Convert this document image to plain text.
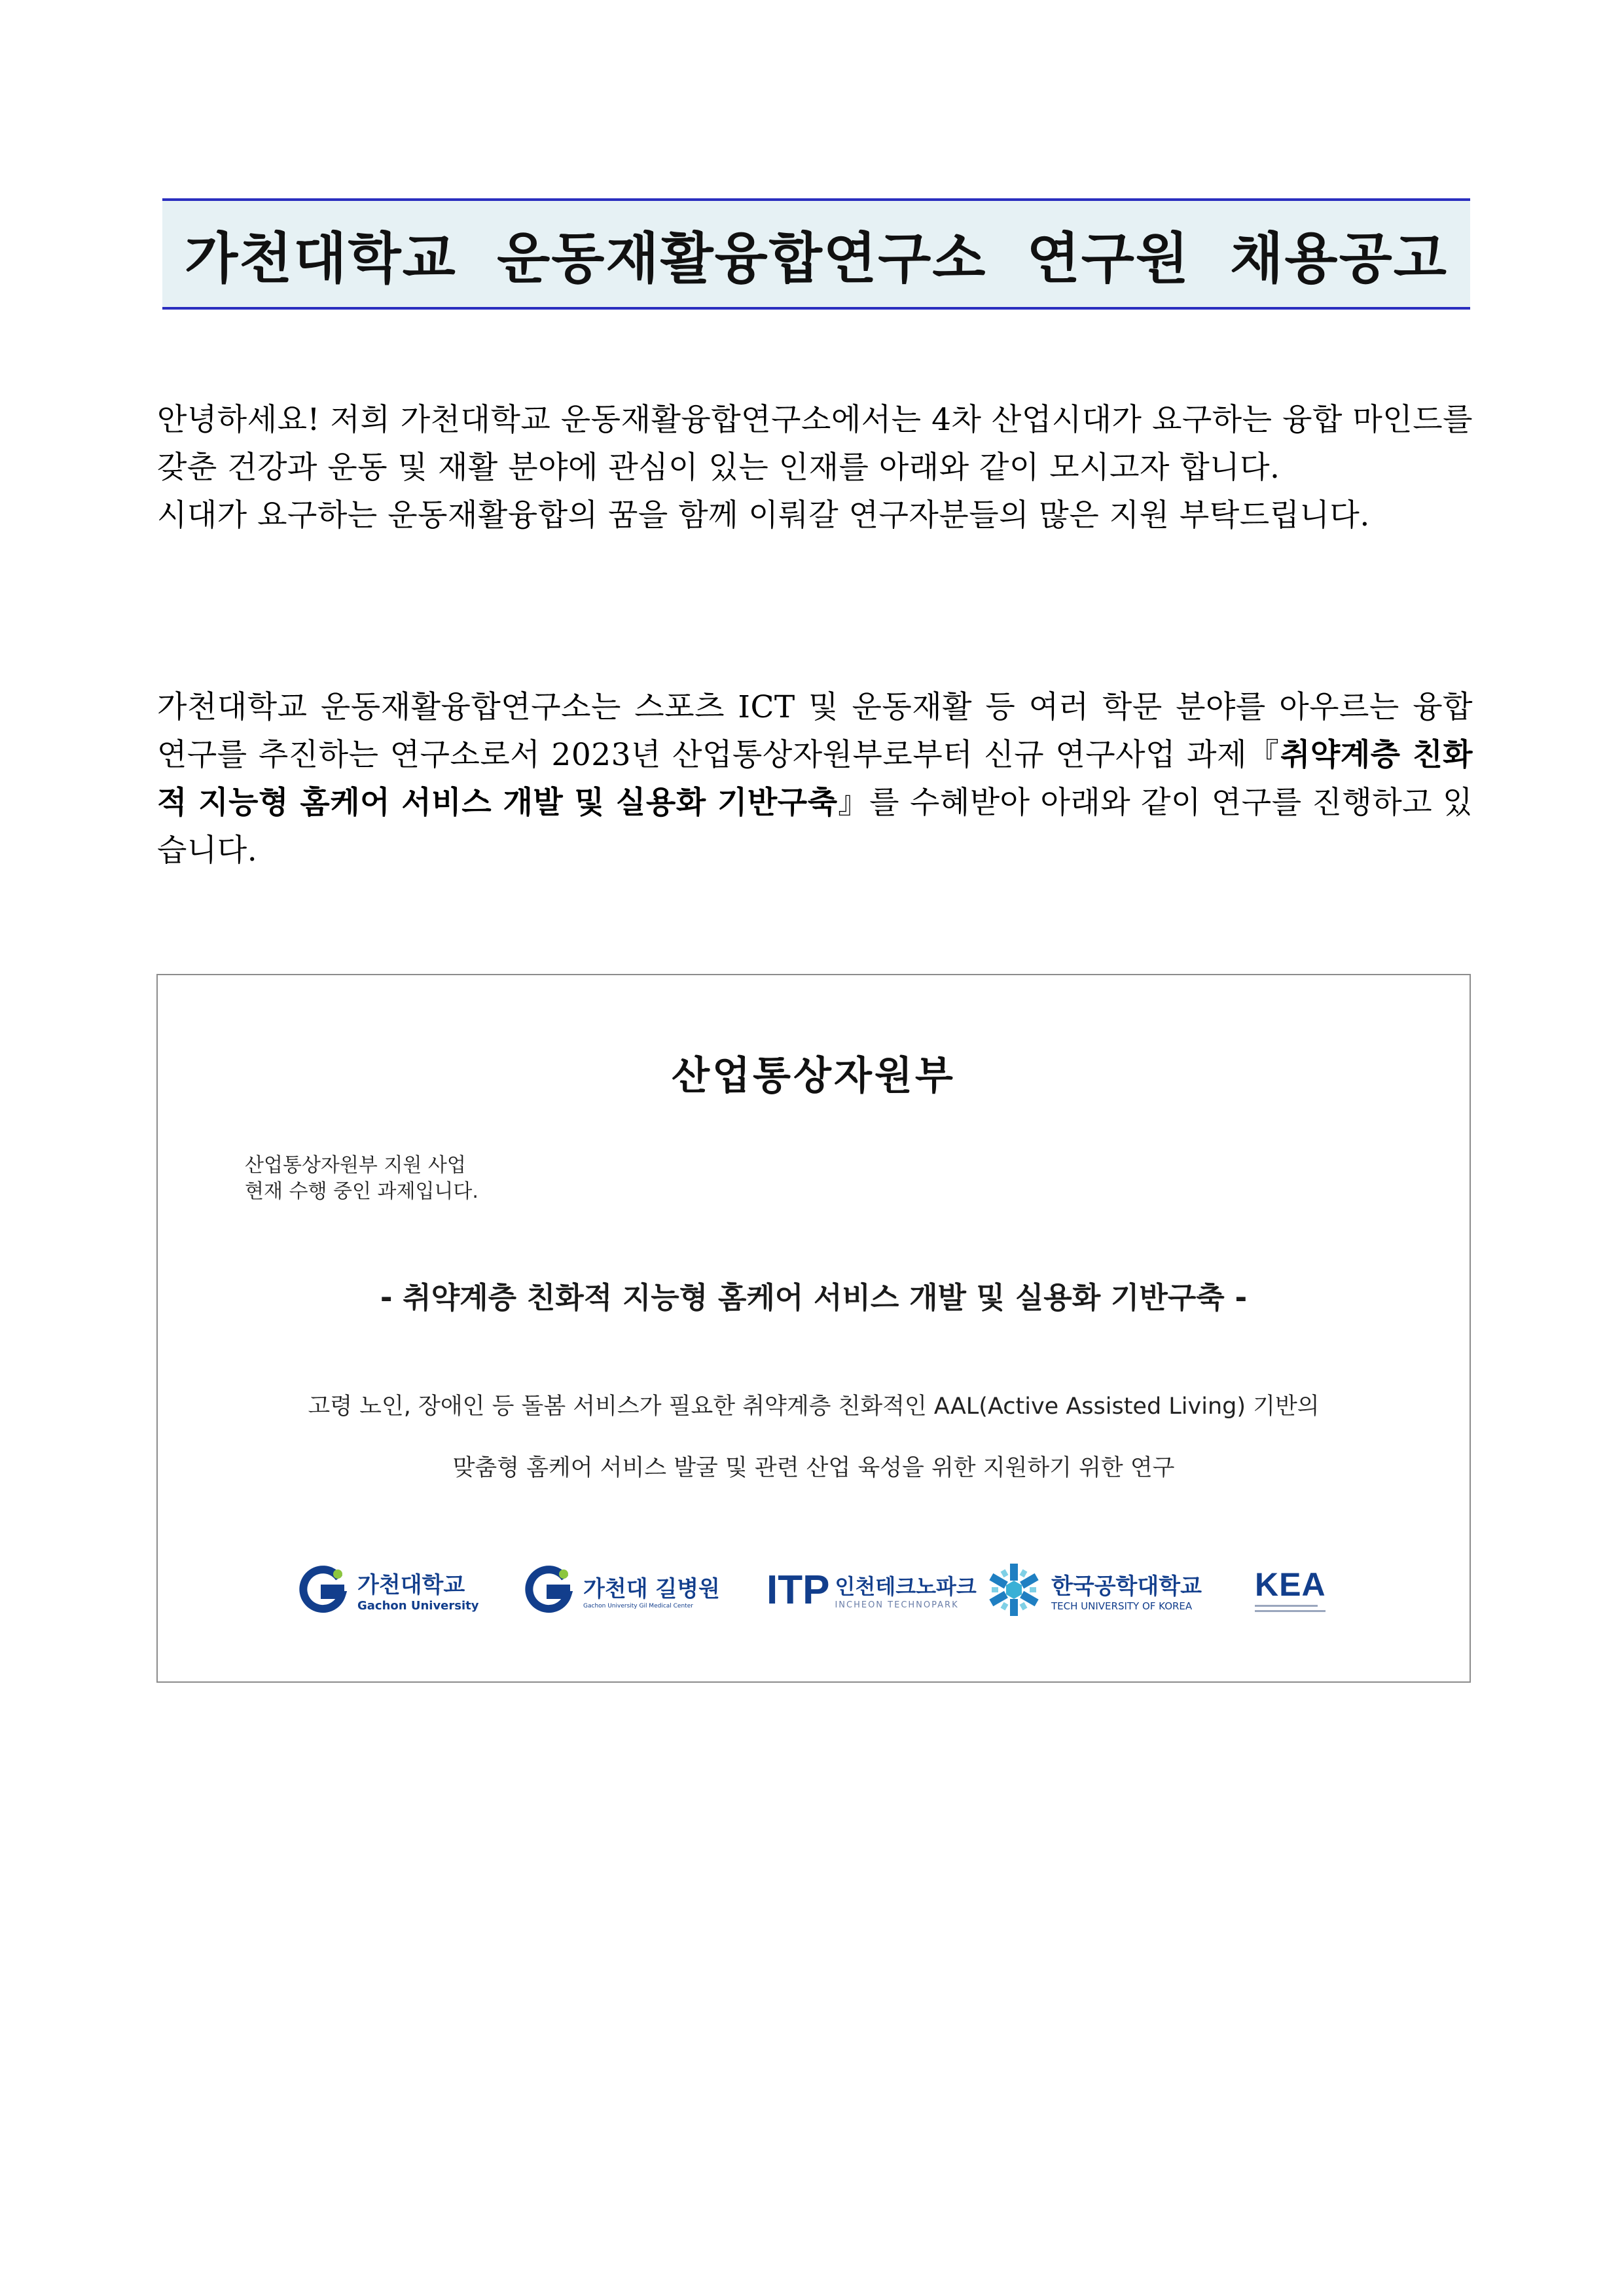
가천대학교 운동재활융합연구소 연구원 채용공고

안녕하세요! 저희 가천대학교 운동재활융합연구소에서는 4차 산업시대가 요구하는 융합 마인드를 갖춘 건강과 운동 및 재활 분야에 관심이 있는 인재를 아래와 같이 모시고자 합니다.

시대가 요구하는 운동재활융합의 꿈을 함께 이뤄갈 연구자분들의 많은 지원 부탁드립니다.

가천대학교 운동재활융합연구소는 스포츠 ICT 및 운동재활 등 여러 학문 분야를 아우르는 융합 연구를 추진하는 연구소로서 2023년 산업통상자원부로부터 신규 연구사업 과제『취약계층 친화적 지능형 홈케어 서비스 개발 및 실용화 기반구축』를 수혜받아 아래와 같이 연구를 진행하고 있습니다.

산업통상자원부
산업통상자원부 지원 사업
현재 수행 중인 과제입니다.
- 취약계층 친화적 지능형 홈케어 서비스 개발 및 실용화 기반구축 -
고령 노인, 장애인 등 돌봄 서비스가 필요한 취약계층 친화적인 AAL(Active Assisted Living) 기반의
맞춤형 홈케어 서비스 발굴 및 관련 산업 육성을 위한 지원하기 위한 연구
가천대학교
Gachon University
가천대 길병원
Gachon University Gil Medical Center	ITP 인천테크노파크
INCHEON TECHNOPARK
한국공학대학교
TECH UNIVERSITY OF KOREA
KEA
